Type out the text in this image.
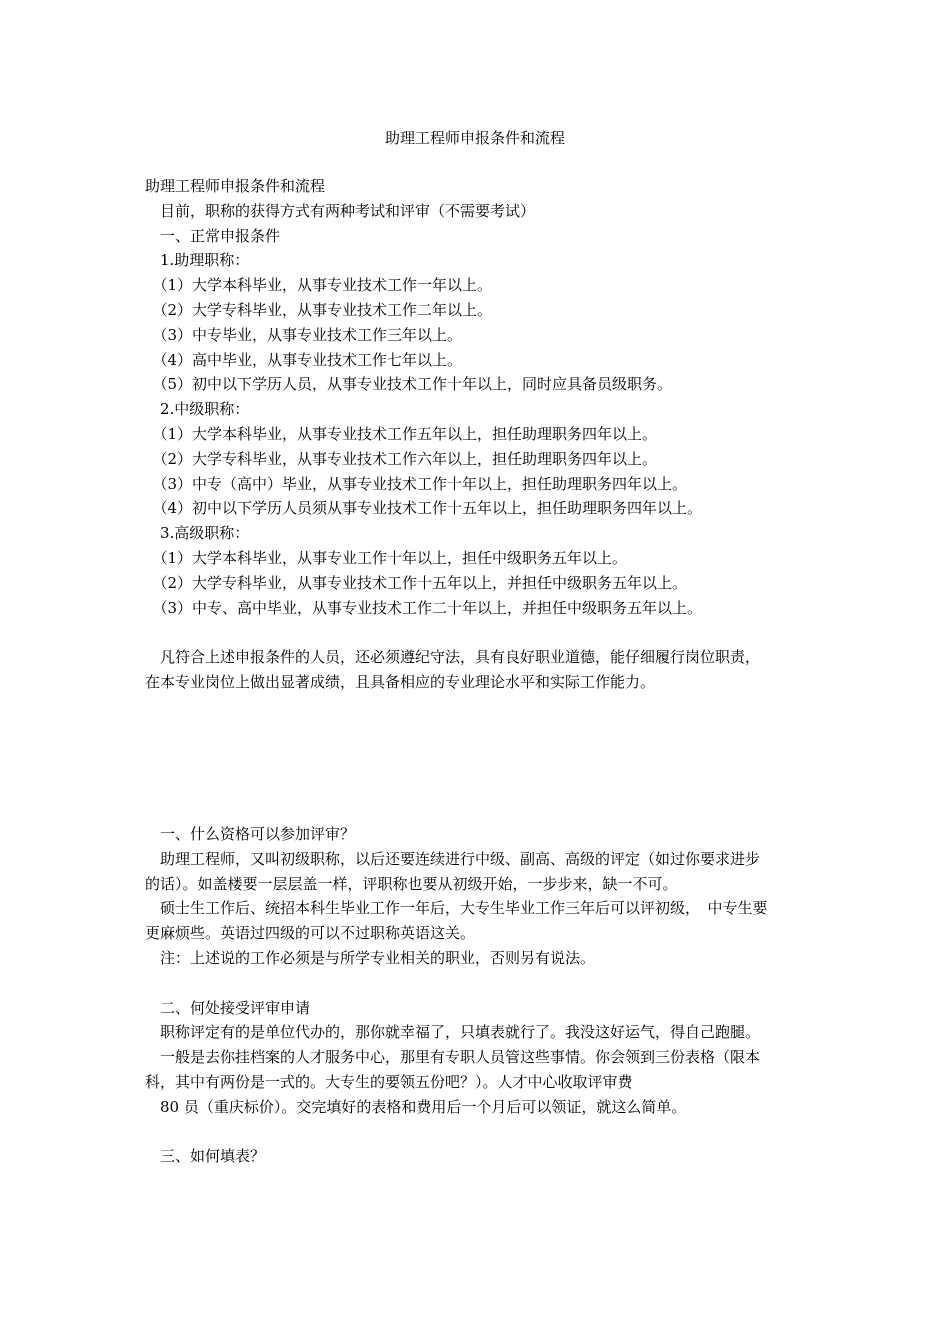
助理工程师申报条件和流程
助理工程师申报条件和流程
　目前，职称的获得方式有两种考试和评审（不需要考试）
　一、正常申报条件
　1.助理职称：
　（1）大学本科毕业，从事专业技术工作一年以上。
　（2）大学专科毕业，从事专业技术工作二年以上。
　（3）中专毕业，从事专业技术工作三年以上。
　（4）高中毕业，从事专业技术工作七年以上。
　（5）初中以下学历人员，从事专业技术工作十年以上，同时应具备员级职务。
　2.中级职称：
　（1）大学本科毕业，从事专业技术工作五年以上，担任助理职务四年以上。
　（2）大学专科毕业，从事专业技术工作六年以上，担任助理职务四年以上。
　（3）中专（高中）毕业，从事专业技术工作十年以上，担任助理职务四年以上。
　（4）初中以下学历人员须从事专业技术工作十五年以上，担任助理职务四年以上。
　3.高级职称：
　（1）大学本科毕业，从事专业工作十年以上，担任中级职务五年以上。
　（2）大学专科毕业，从事专业技术工作十五年以上，并担任中级职务五年以上。
　（3）中专、高中毕业，从事专业技术工作二十年以上，并担任中级职务五年以上。
　凡符合上述申报条件的人员，还必须遵纪守法，具有良好职业道德，能仔细履行岗位职责，
在本专业岗位上做出显著成绩，且具备相应的专业理论水平和实际工作能力。
　一、什么资格可以参加评审？
　助理工程师，又叫初级职称，以后还要连续进行中级、副高、高级的评定（如过你要求进步
的话）。如盖楼要一层层盖一样，评职称也要从初级开始，一步步来，缺一不可。
　硕士生工作后、统招本科生毕业工作一年后，大专生毕业工作三年后可以评初级，　中专生要
更麻烦些。英语过四级的可以不过职称英语这关。
　注：上述说的工作必须是与所学专业相关的职业，否则另有说法。
　二、何处接受评审申请
　职称评定有的是单位代办的，那你就幸福了，只填表就行了。我没这好运气，得自己跑腿。
　一般是去你挂档案的人才服务中心，那里有专职人员管这些事情。你会领到三份表格（限本
科，其中有两份是一式的。大专生的要领五份吧？）。人才中心收取评审费
　80 员（重庆标价）。交完填好的表格和费用后一个月后可以领证，就这么简单。
　三、如何填表？
